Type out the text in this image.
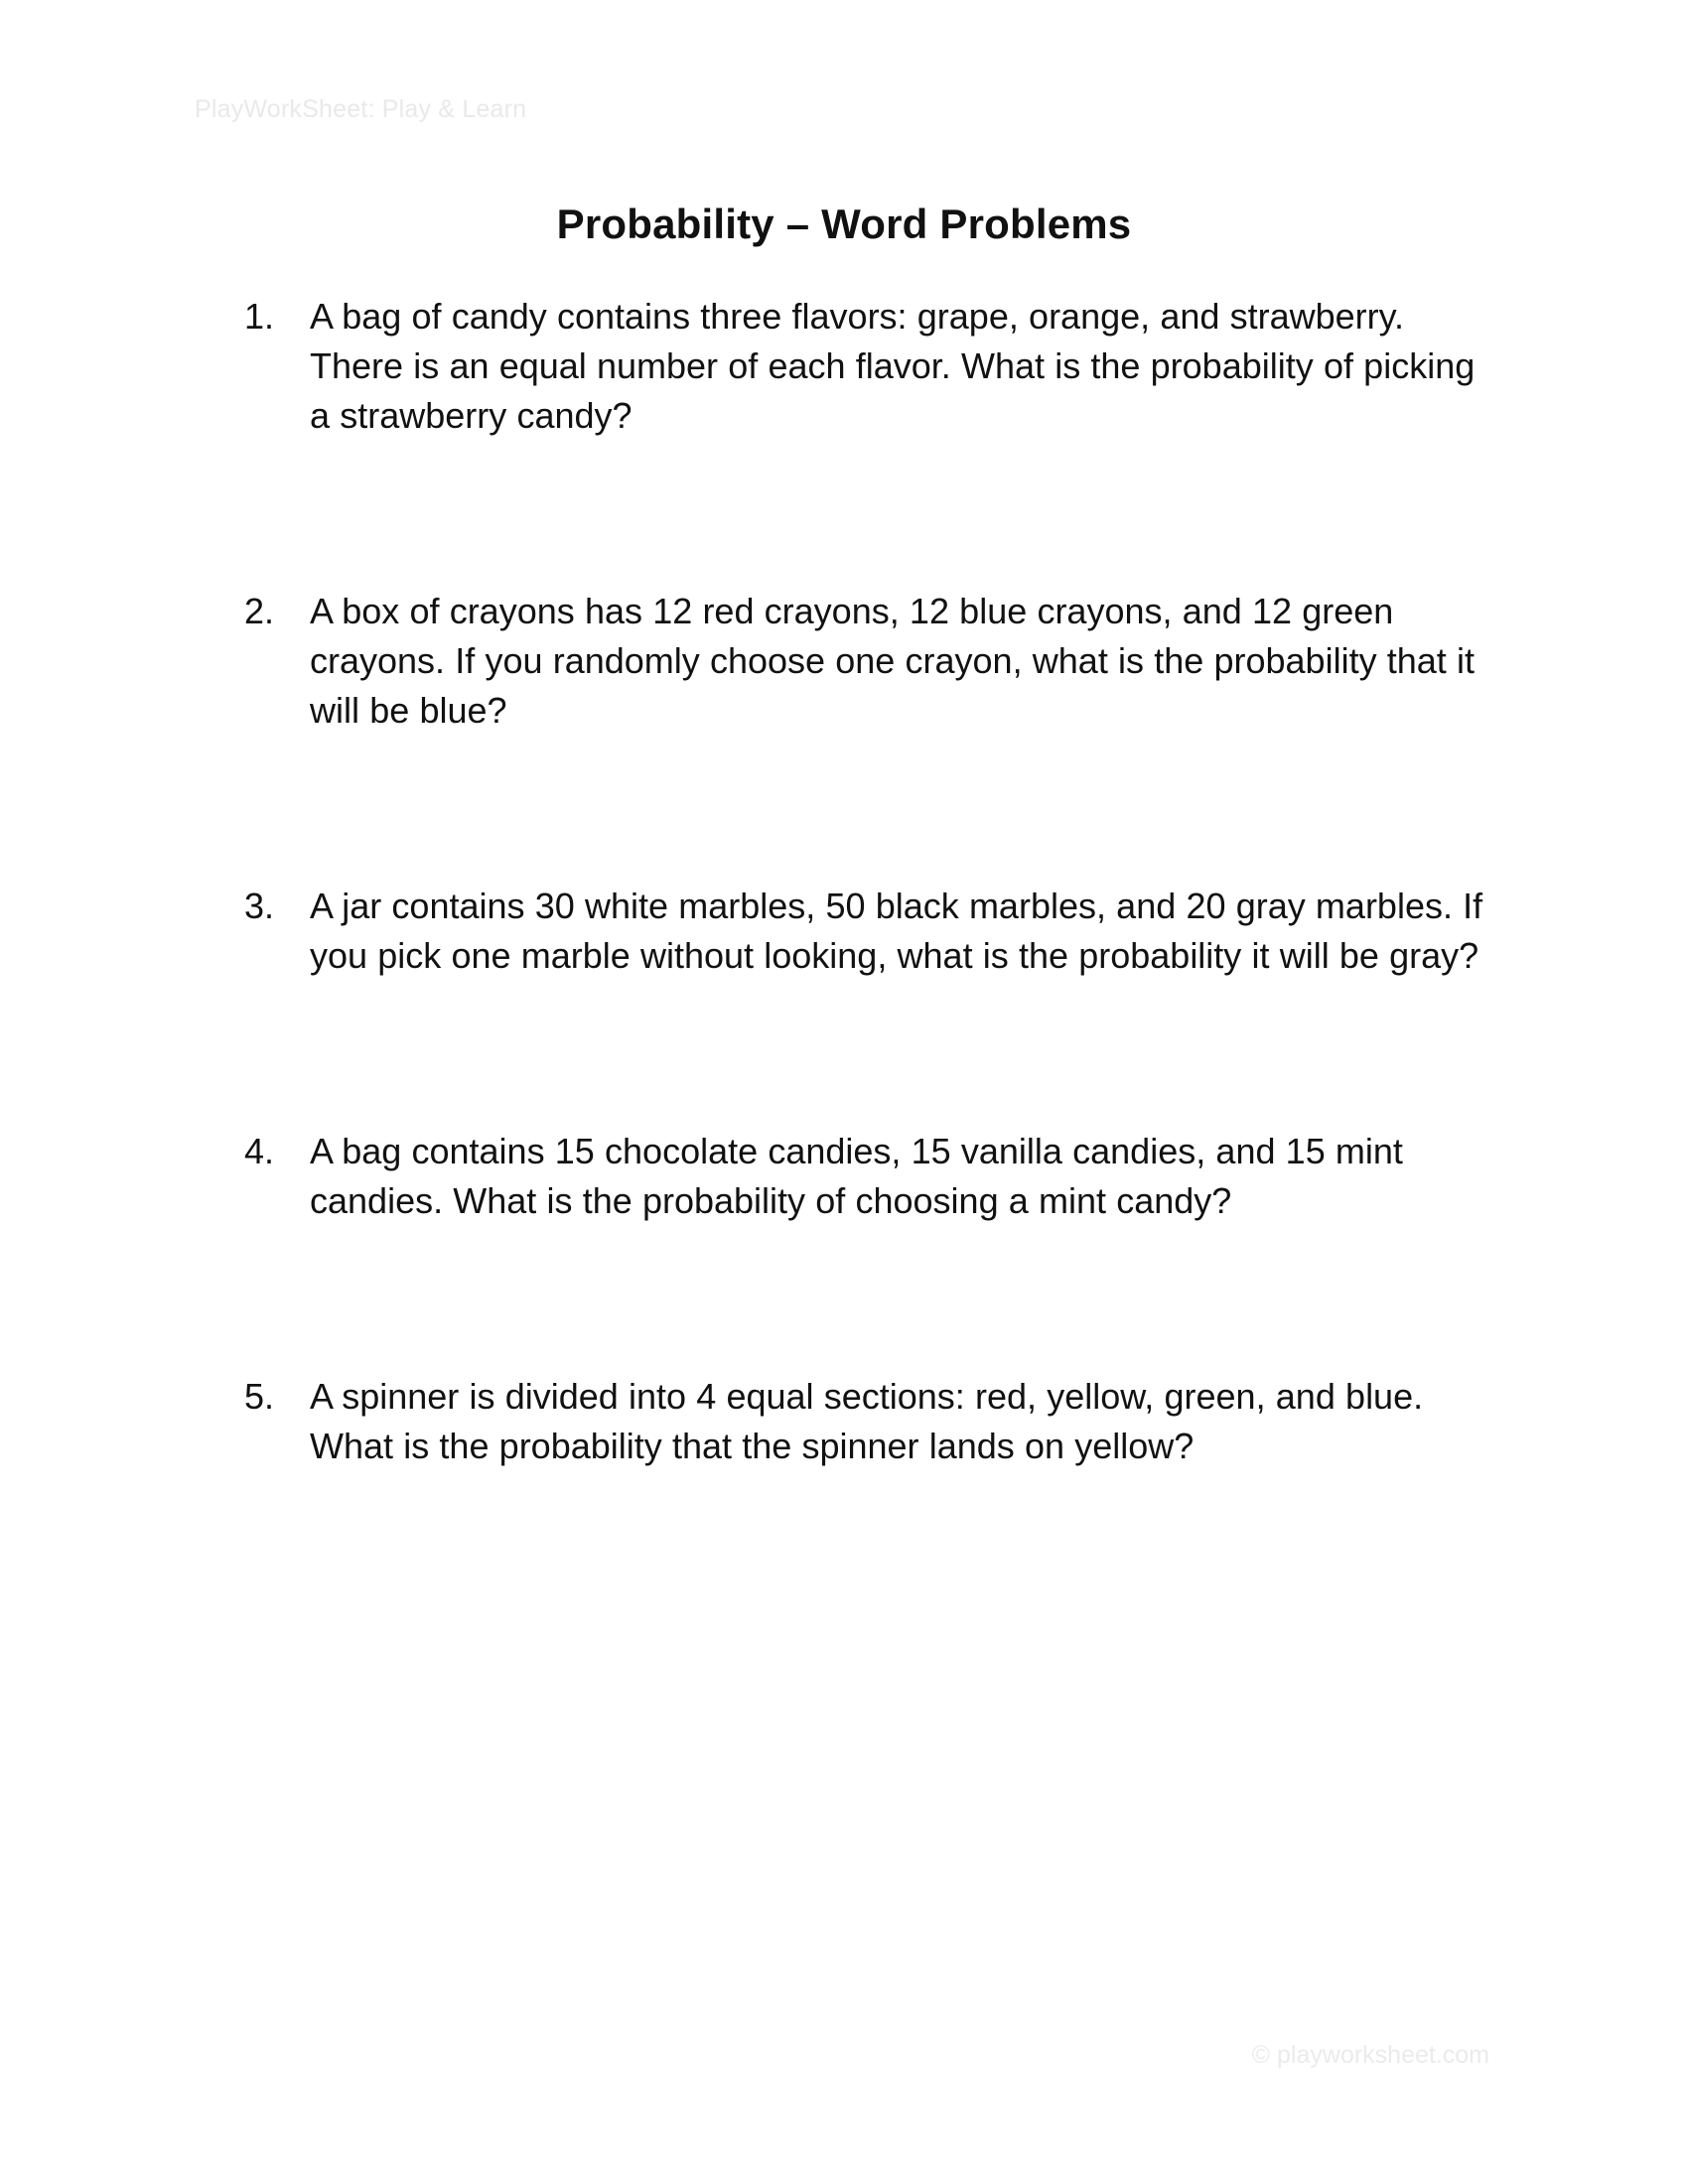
PlayWorkSheet: Play & Learn
Probability – Word Problems
1. A bag of candy contains three flavors: grape, orange, and strawberry. There is an equal number of each flavor. What is the probability of picking a strawberry candy?
2. A box of crayons has 12 red crayons, 12 blue crayons, and 12 green crayons. If you randomly choose one crayon, what is the probability that it will be blue?
3. A jar contains 30 white marbles, 50 black marbles, and 20 gray marbles. If you pick one marble without looking, what is the probability it will be gray?
4. A bag contains 15 chocolate candies, 15 vanilla candies, and 15 mint candies. What is the probability of choosing a mint candy?
5. A spinner is divided into 4 equal sections: red, yellow, green, and blue. What is the probability that the spinner lands on yellow?
© playworksheet.com
